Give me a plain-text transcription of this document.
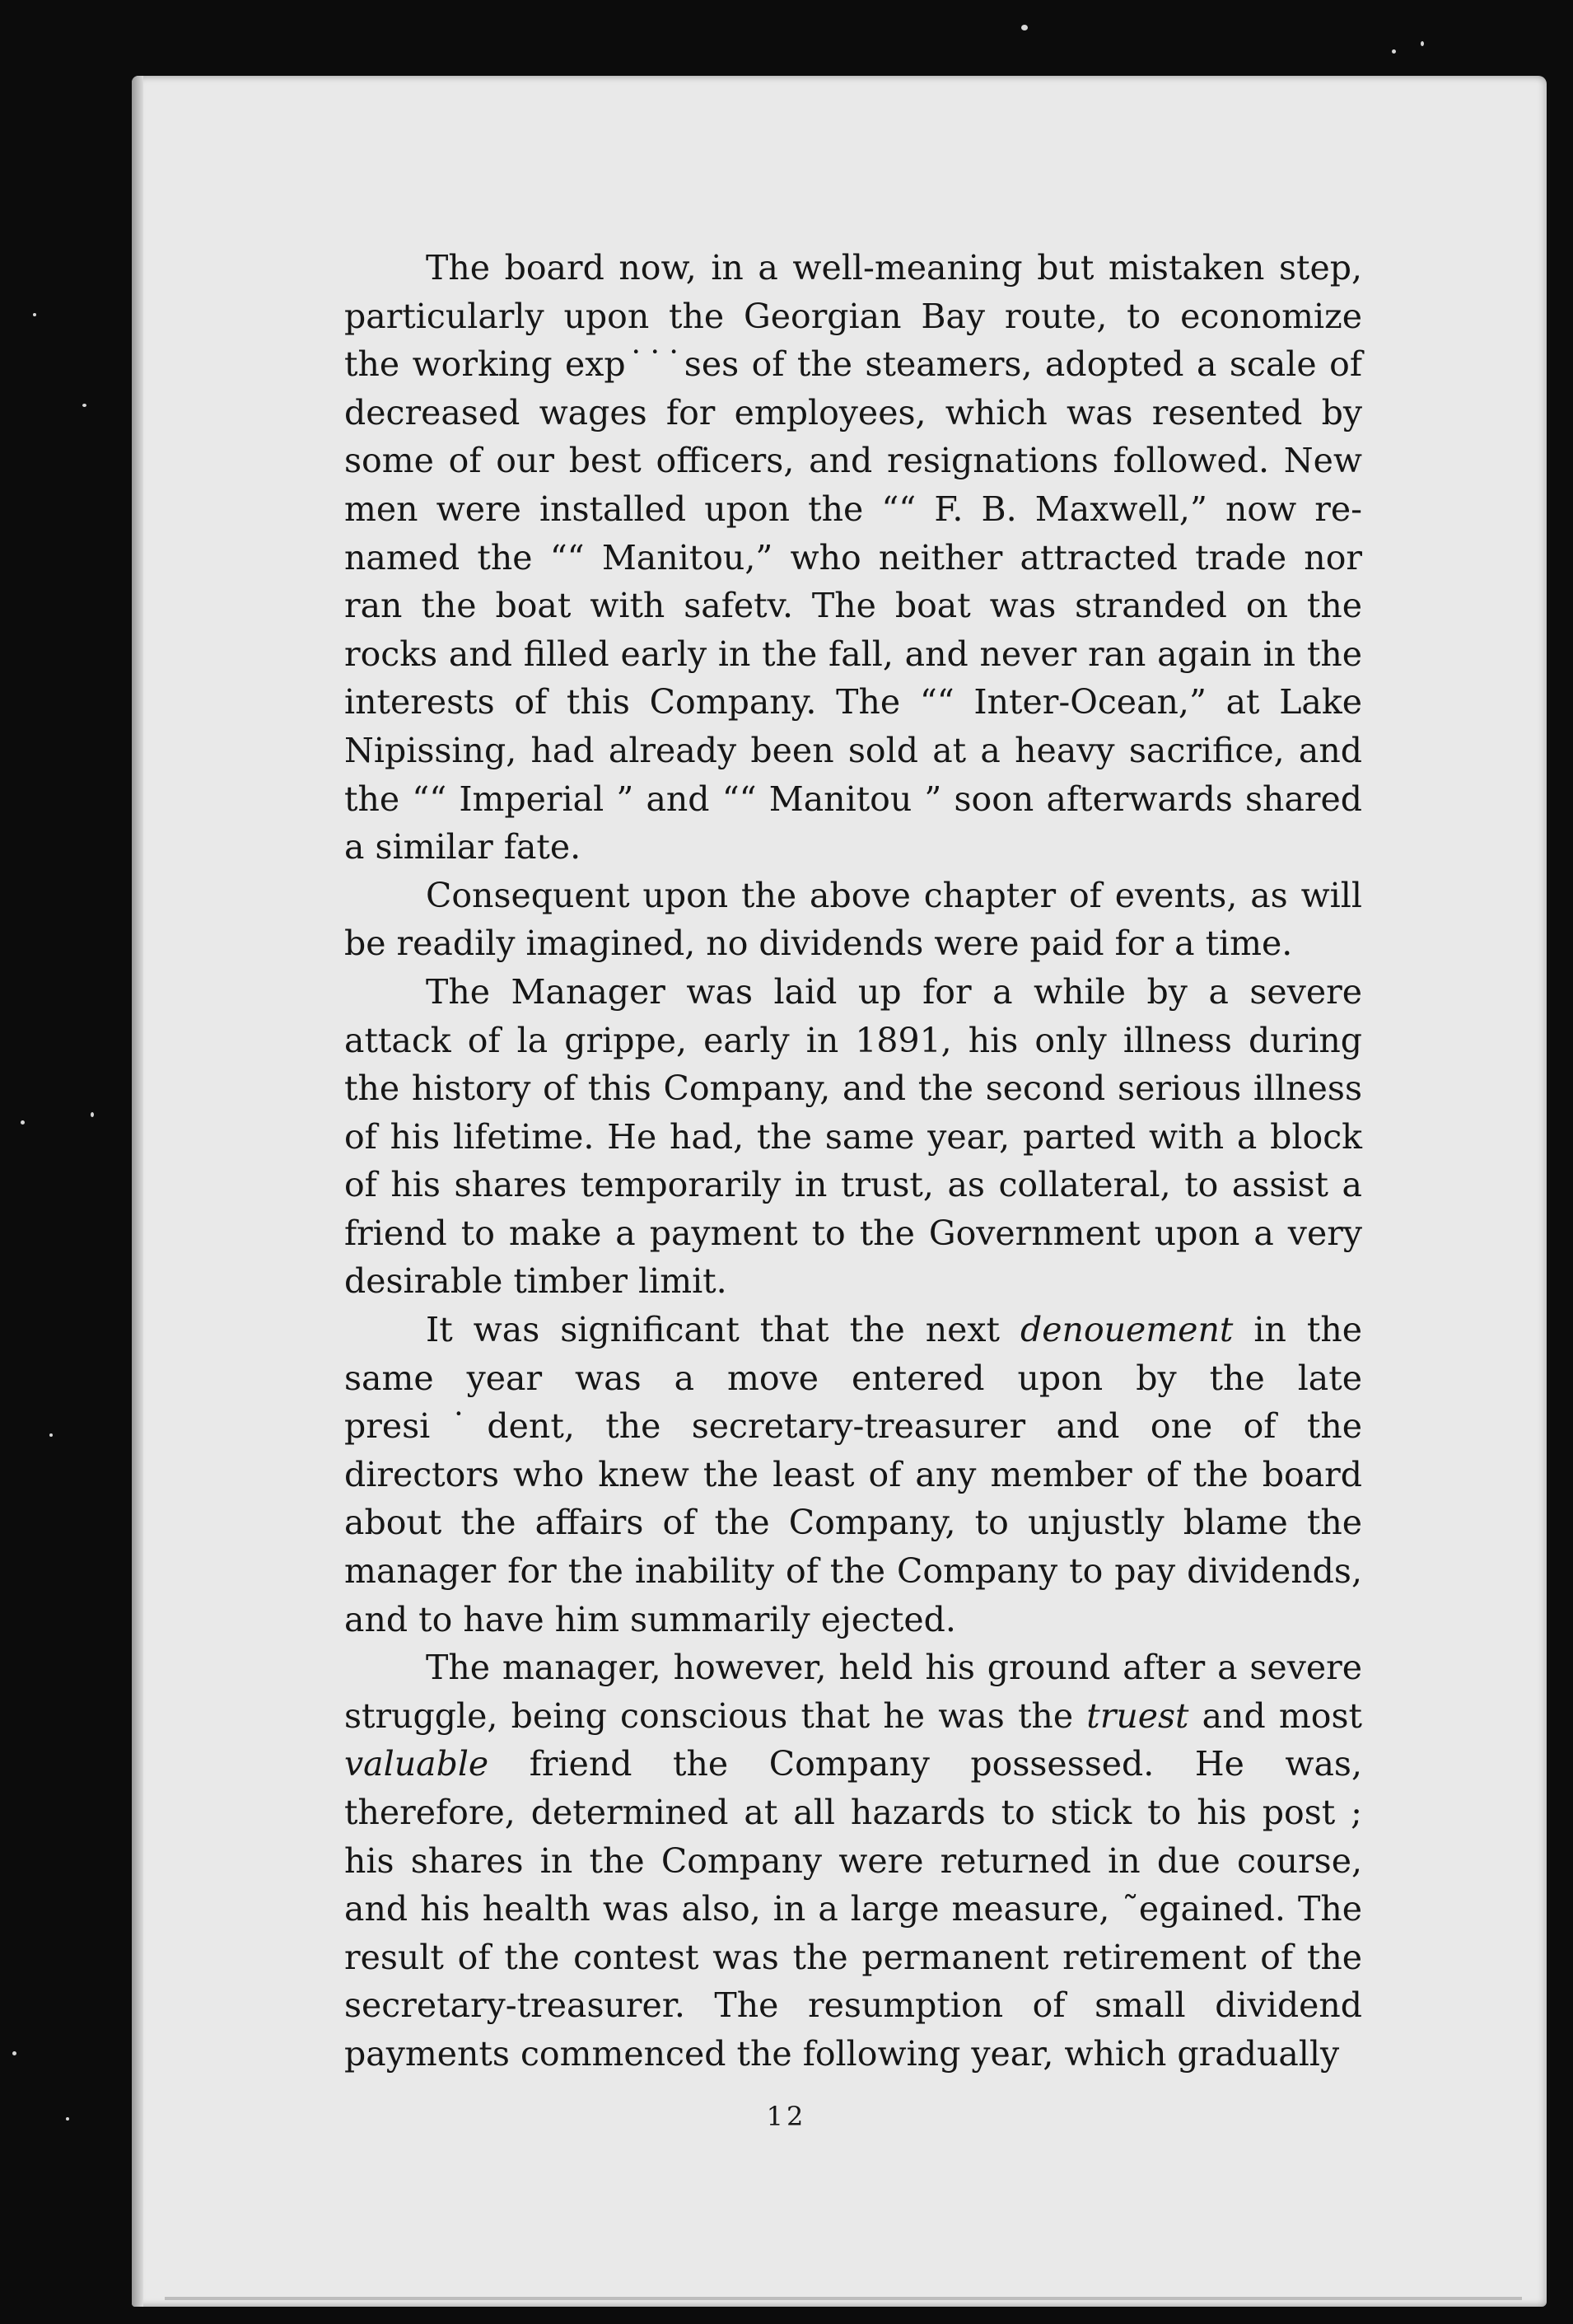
The board now, in a well-meaning but mistaken step, particularly upon the Georgian Bay route, to economize the working exp˙˙˙ses of the steamers, adopted a scale of decreased wages for employees, which was resented by some of our best officers, and resignations followed. New men were installed upon the ““ F. B. Maxwell,” now re-named the ““ Manitou,” who neither attracted trade nor ran the boat with safetv. The boat was stranded on the rocks and filled early in the fall, and never ran again in the interests of this Company. The ““ Inter-Ocean,” at Lake Nipissing, had already been sold at a heavy sacrifice, and the ““ Imperial ” and ““ Manitou ” soon afterwards shared a similar fate.

Consequent upon the above chapter of events, as will be readily imagined, no dividends were paid for a time.

The Manager was laid up for a while by a severe attack of la grippe, early in 1891, his only illness during the history of this Company, and the second serious illness of his lifetime. He had, the same year, parted with a block of his shares temporarily in trust, as collateral, to assist a friend to make a payment to the Government upon a very desirable timber limit.

It was significant that the next denouement in the same year was a move entered upon by the late presi˙dent, the secretary-treasurer and one of the directors who knew the least of any member of the board about the affairs of the Company, to unjustly blame the manager for the inability of the Company to pay dividends, and to have him summarily ejected.

The manager, however, held his ground after a severe struggle, being conscious that he was the truest and most valuable friend the Company possessed. He was, therefore, determined at all hazards to stick to his post ; his shares in the Company were returned in due course, and his health was also, in a large measure, ˜egained. The result of the contest was the permanent retirement of the secretary-treasurer. The resumption of small dividend payments commenced the following year, which gradually

12
